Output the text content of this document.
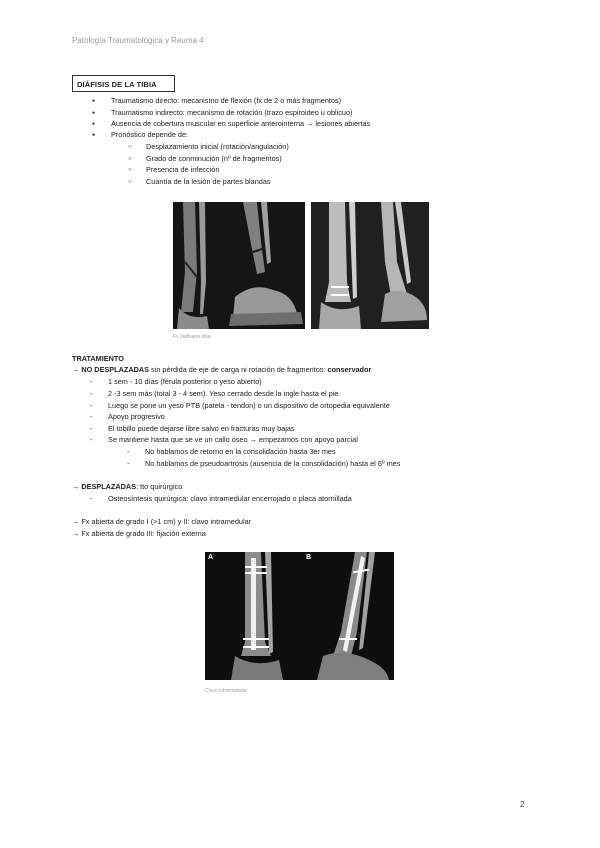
Patología Traumatológica y Reuma 4
DIÁFISIS DE LA TIBIA
● Traumatismo directo: mecanismo de flexión (fx de 2 o más fragmentos)
● Traumatismo indirecto: mecanismo de rotación (trazo espiroideo u oblicuo)
● Ausencia de cobertura muscular en superficie anterointerna → lesiones abiertas
● Pronóstico depende de:
○ Desplazamiento inicial (rotación/angulación)
○ Grado de conminución (nº de fragmentos)
○ Presencia de infección
○ Cuantía de la lesión de partes blandas
Fx diafisaria tibia
TRATAMIENTO
→ NO DESPLAZADAS sin pérdida de eje de carga ni rotación de fragmentos: conservador
- 1 sem - 10 días (férula posterior o yeso abierto)
- 2 -3 sem más (total 3 - 4 sem). Yeso cerrado desde la ingle hasta el pie
- Luego se pone un yeso PTB (patela - tendon) o un dispositivo de ortopedia equivalente
- Apoyo progresivo
- El tobillo puede dejarse libre salvo en fracturas muy bajas
- Se mantiene hasta que se ve un callo óseo → empezamos con apoyo parcial
- No hablamos de retorno en la consolidación hasta 3er mes
- No hablamos de pseudoartrosis (ausencia de la consolidación) hasta el 6º mes
→ DESPLAZADAS: tto quirúrgico
- Osteosíntesis quirúrgica: clavo intramedular encerrojado o placa atornillada
→ Fx abierta de grado I (>1 cm) y II: clavo intramedular
→ Fx abierta de grado III: fijación externa
A	B
Clavo intramedular
2
